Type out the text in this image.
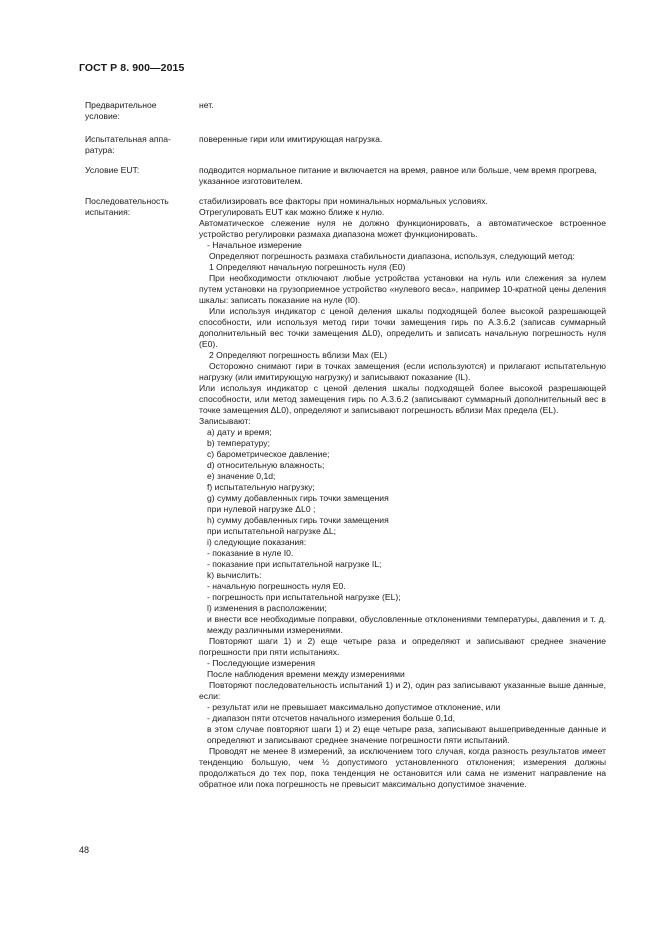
ГОСТ Р 8. 900—2015
Предварительное условие:
нет.
Испытательная аппа-ратура:
поверенные гири или имитирующая нагрузка.
Условие EUT:	подводится нормальное питание и включается на время, равное или больше, чем время прогрева, указанное изготовителем.
Последовательность испытания:

стабилизировать все факторы при номинальных нормальных условиях.

Отрегулировать EUT как можно ближе к нулю.

Автоматическое слежение нуля не должно функционировать, а автоматическое встроенное устройство регулировки размаха диапазона может функционировать.

- Начальное измерение

Определяют погрешность размаха стабильности диапазона, используя, следующий метод:

1 Определяют начальную погрешность нуля (E0)

При необходимости отключают любые устройства установки на нуль или слежения за нулем путем установки на грузоприемное устройство «нулевого веса», например 10-кратной цены деления шкалы: записать показание на нуле (I0).

Или используя индикатор с ценой деления шкалы подходящей более высокой разрешающей способности, или используя метод гири точки замещения гирь по А.3.6.2 (записав суммарный дополнительный вес точки замещения ΔL0), определить и записать начальную погрешность нуля (E0).

2 Определяют погрешность вблизи Max (EL)

Осторожно снимают гири в точках замещения (если используются) и прилагают испытательную нагрузку (или имитирующую нагрузку) и записывают показание (IL).

Или используя индикатор с ценой деления шкалы подходящей более высокой разрешающей способности, или метод замещения гирь по А.3.6.2 (записывают суммарный дополнительный вес в точке замещения ΔL0), определяют и записывают погрешность вблизи Max предела (EL).

Записывают:

a) дату и время;

b) температуру;

c) барометрическое давление;

d) относительную влажность;

e) значение 0,1d;

f) испытательную нагрузку;

g) сумму добавленных гирь точки замещения

при нулевой нагрузке ΔL0 ;

h) сумму добавленных гирь точки замещения

при испытательной нагрузке ΔL;

i) следующие показания:

- показание в нуле I0.

- показание при испытательной нагрузке IL;

k) вычислить:

- начальную погрешность нуля E0.

- погрешность при испытательной нагрузке (EL);

l) изменения в расположении;

и внести все необходимые поправки, обусловленные отклонениями температуры, давления и т. д. между различными измерениями.

Повторяют шаги 1) и 2) еще четыре раза и определяют и записывают среднее значение погрешности при пяти испытаниях.

- Последующие измерения

После наблюдения времени между измерениями

Повторяют последовательность испытаний 1) и 2), один раз записывают указанные выше данные, если:

- результат или не превышает максимально допустимое отклонение, или

- диапазон пяти отсчетов начального измерения больше 0,1d,

в этом случае повторяют шаги 1) и 2) еще четыре раза, записывают вышеприведенные данные и определяют и записывают среднее значение погрешности пяти испытаний.

Проводят не менее 8 измерений, за исключением того случая, когда разность результатов имеет тенденцию большую, чем ½ допустимого установленного отклонения; измерения должны продолжаться до тех пор, пока тенденция не остановится или сама не изменит направление на обратное или пока погрешность не превысит максимально допустимое значение.

48
